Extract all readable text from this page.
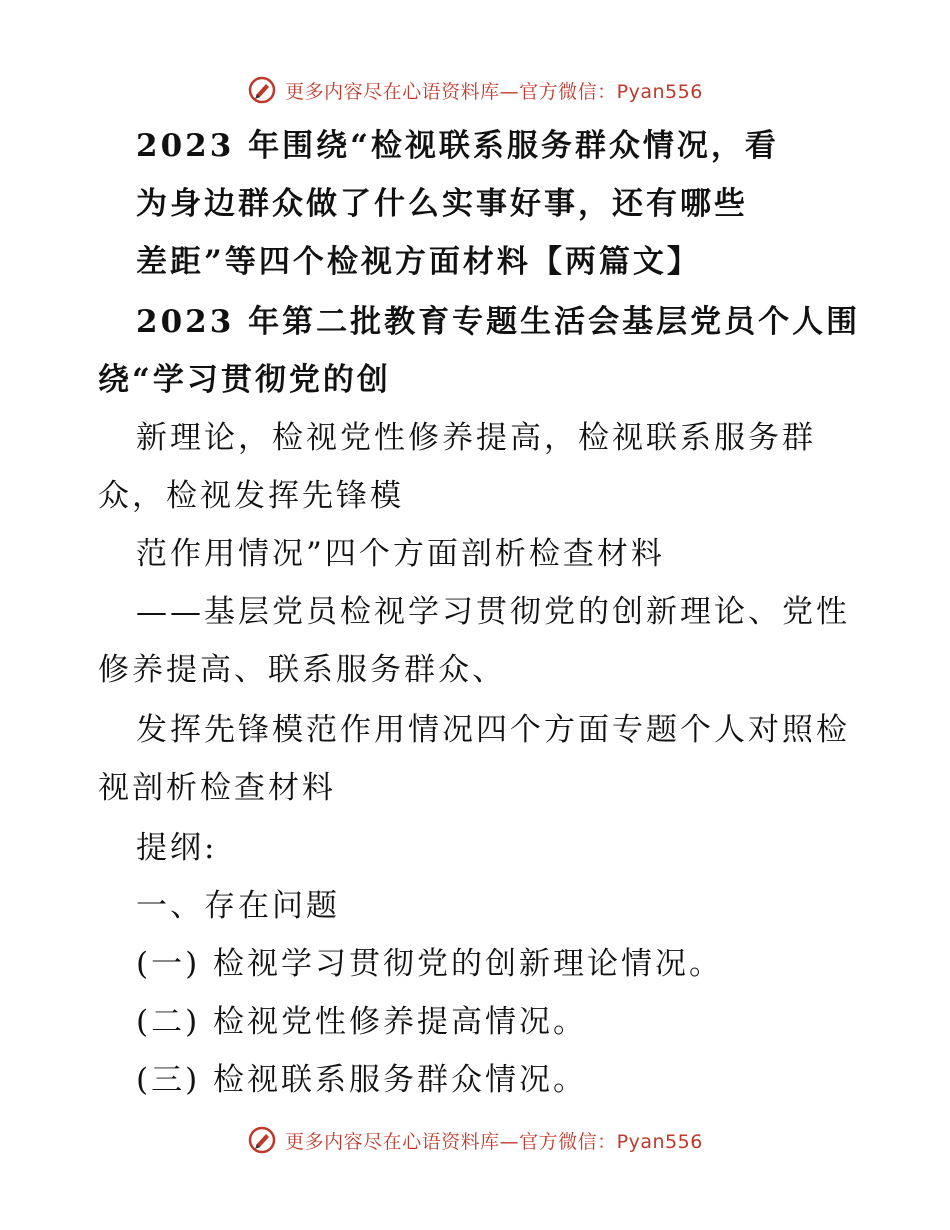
更多内容尽在心语资料库—官方微信：Pyan556
2023 年围绕“检视联系服务群众情况，看
为身边群众做了什么实事好事，还有哪些
差距”等四个检视方面材料【两篇文】
2023 年第二批教育专题生活会基层党员个人围
绕“学习贯彻党的创
新理论，检视党性修养提高，检视联系服务群
众，检视发挥先锋模
范作用情况”四个方面剖析检查材料
——基层党员检视学习贯彻党的创新理论、党性
修养提高、联系服务群众、
发挥先锋模范作用情况四个方面专题个人对照检
视剖析检查材料
提纲:
一、存在问题
(一) 检视学习贯彻党的创新理论情况。
(二) 检视党性修养提高情况。
(三) 检视联系服务群众情况。
更多内容尽在心语资料库—官方微信：Pyan556
